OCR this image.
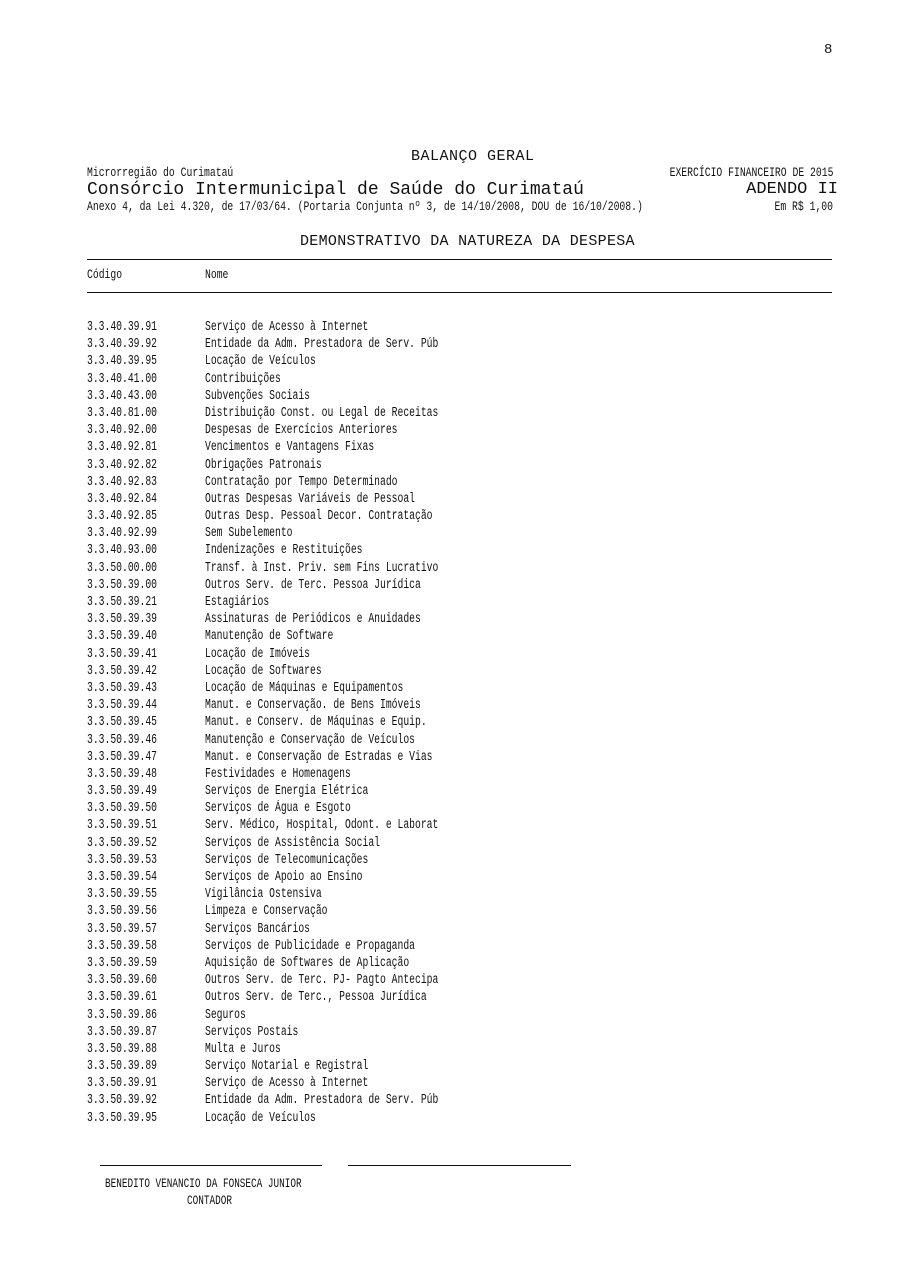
8
BALANÇO GERAL
Microrregião do Curimataú	EXERCÍCIO FINANCEIRO DE 2015
Consórcio Intermunicipal de Saúde do Curimataú	ADENDO II
Anexo 4, da Lei 4.320, de 17/03/64. (Portaria Conjunta nº 3, de 14/10/2008, DOU de 16/10/2008.)	Em R$ 1,00
DEMONSTRATIVO DA NATUREZA DA DESPESA
Código	Nome
3.3.40.39.91	Serviço de Acesso à Internet
3.3.40.39.92	Entidade da Adm. Prestadora de Serv. Púb
3.3.40.39.95	Locação de Veículos
3.3.40.41.00	Contribuições
3.3.40.43.00	Subvenções Sociais
3.3.40.81.00	Distribuição Const. ou Legal de Receitas
3.3.40.92.00	Despesas de Exercícios Anteriores
3.3.40.92.81	Vencimentos e Vantagens Fixas
3.3.40.92.82	Obrigações Patronais
3.3.40.92.83	Contratação por Tempo Determinado
3.3.40.92.84	Outras Despesas Variáveis de Pessoal
3.3.40.92.85	Outras Desp. Pessoal Decor. Contratação
3.3.40.92.99	Sem Subelemento
3.3.40.93.00	Indenizações e Restituições
3.3.50.00.00	Transf. à Inst. Priv. sem Fins Lucrativo
3.3.50.39.00	Outros Serv. de Terc. Pessoa Jurídica
3.3.50.39.21	Estagiários
3.3.50.39.39	Assinaturas de Periódicos e Anuidades
3.3.50.39.40	Manutenção de Software
3.3.50.39.41	Locação de Imóveis
3.3.50.39.42	Locação de Softwares
3.3.50.39.43	Locação de Máquinas e Equipamentos
3.3.50.39.44	Manut. e Conservação. de Bens Imóveis
3.3.50.39.45	Manut. e Conserv. de Máquinas e Equip.
3.3.50.39.46	Manutenção e Conservação de Veículos
3.3.50.39.47	Manut. e Conservação de Estradas e Vias
3.3.50.39.48	Festividades e Homenagens
3.3.50.39.49	Serviços de Energia Elétrica
3.3.50.39.50	Serviços de Água e Esgoto
3.3.50.39.51	Serv. Médico, Hospital, Odont. e Laborat
3.3.50.39.52	Serviços de Assistência Social
3.3.50.39.53	Serviços de Telecomunicações
3.3.50.39.54	Serviços de Apoio ao Ensino
3.3.50.39.55	Vigilância Ostensiva
3.3.50.39.56	Limpeza e Conservação
3.3.50.39.57	Serviços Bancários
3.3.50.39.58	Serviços de Publicidade e Propaganda
3.3.50.39.59	Aquisição de Softwares de Aplicação
3.3.50.39.60	Outros Serv. de Terc. PJ- Pagto Antecipa
3.3.50.39.61	Outros Serv. de Terc., Pessoa Jurídica
3.3.50.39.86	Seguros
3.3.50.39.87	Serviços Postais
3.3.50.39.88	Multa e Juros
3.3.50.39.89	Serviço Notarial e Registral
3.3.50.39.91	Serviço de Acesso à Internet
3.3.50.39.92	Entidade da Adm. Prestadora de Serv. Púb
3.3.50.39.95	Locação de Veículos
BENEDITO VENANCIO DA FONSECA JUNIOR
CONTADOR
